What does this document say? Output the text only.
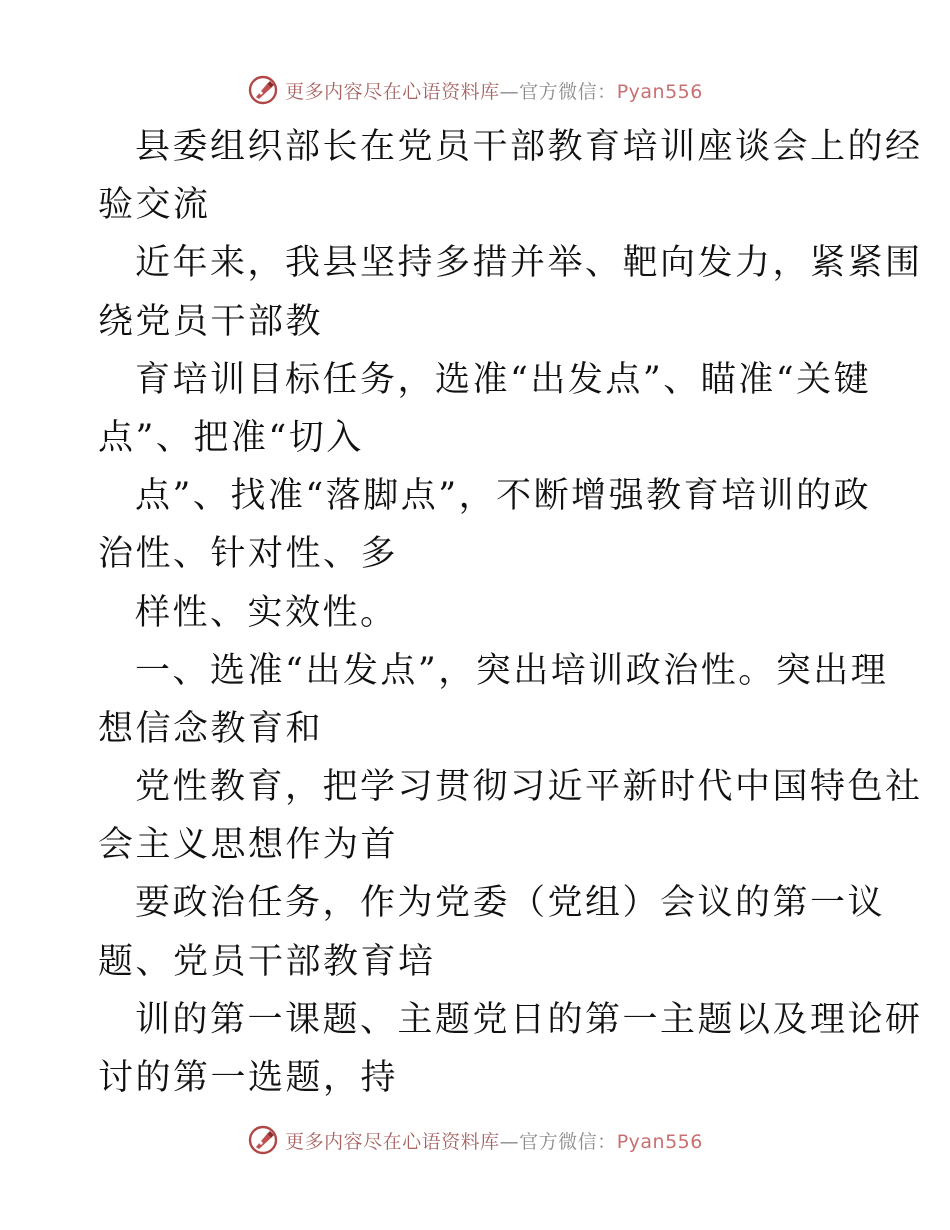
更多内容尽在心语资料库—官方微信：Pyan556
县委组织部长在党员干部教育培训座谈会上的经
验交流
近年来，我县坚持多措并举、靶向发力，紧紧围
绕党员干部教
育培训目标任务，选准“出发点”、瞄准“关键
点”、把准“切入
点”、找准“落脚点”，不断增强教育培训的政
治性、针对性、多
样性、实效性。
一、选准“出发点”，突出培训政治性。突出理
想信念教育和
党性教育，把学习贯彻习近平新时代中国特色社
会主义思想作为首
要政治任务，作为党委（党组）会议的第一议
题、党员干部教育培
训的第一课题、主题党日的第一主题以及理论研
讨的第一选题，持
更多内容尽在心语资料库—官方微信：Pyan556
